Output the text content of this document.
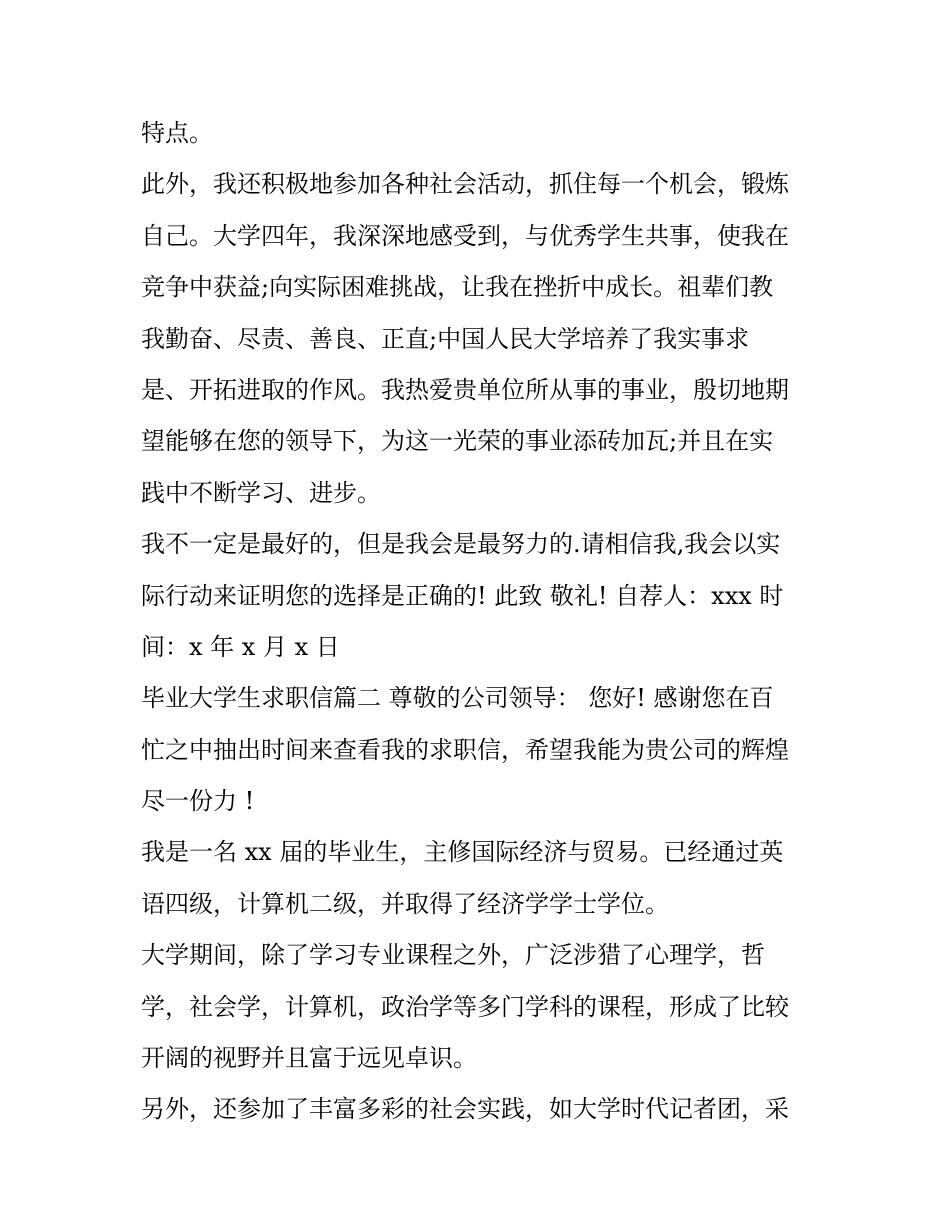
特点。
此外，我还积极地参加各种社会活动，抓住每一个机会，锻炼
自己。大学四年，我深深地感受到，与优秀学生共事，使我在
竞争中获益;向实际困难挑战，让我在挫折中成长。祖辈们教
我勤奋、尽责、善良、正直;中国人民大学培养了我实事求
是、开拓进取的作风。我热爱贵单位所从事的事业，殷切地期
望能够在您的领导下，为这一光荣的事业添砖加瓦;并且在实
践中不断学习、进步。
我不一定是最好的，但是我会是最努力的.请相信我,我会以实
际行动来证明您的选择是正确的! 此致 敬礼! 自荐人：xxx 时
间：x 年 x 月 x 日
毕业大学生求职信篇二 尊敬的公司领导： 您好! 感谢您在百
忙之中抽出时间来查看我的求职信，希望我能为贵公司的辉煌
尽一份力 !
我是一名 xx 届的毕业生，主修国际经济与贸易。已经通过英
语四级，计算机二级，并取得了经济学学士学位。
大学期间，除了学习专业课程之外，广泛涉猎了心理学，哲
学，社会学，计算机，政治学等多门学科的课程，形成了比较
开阔的视野并且富于远见卓识。
另外，还参加了丰富多彩的社会实践，如大学时代记者团，采
